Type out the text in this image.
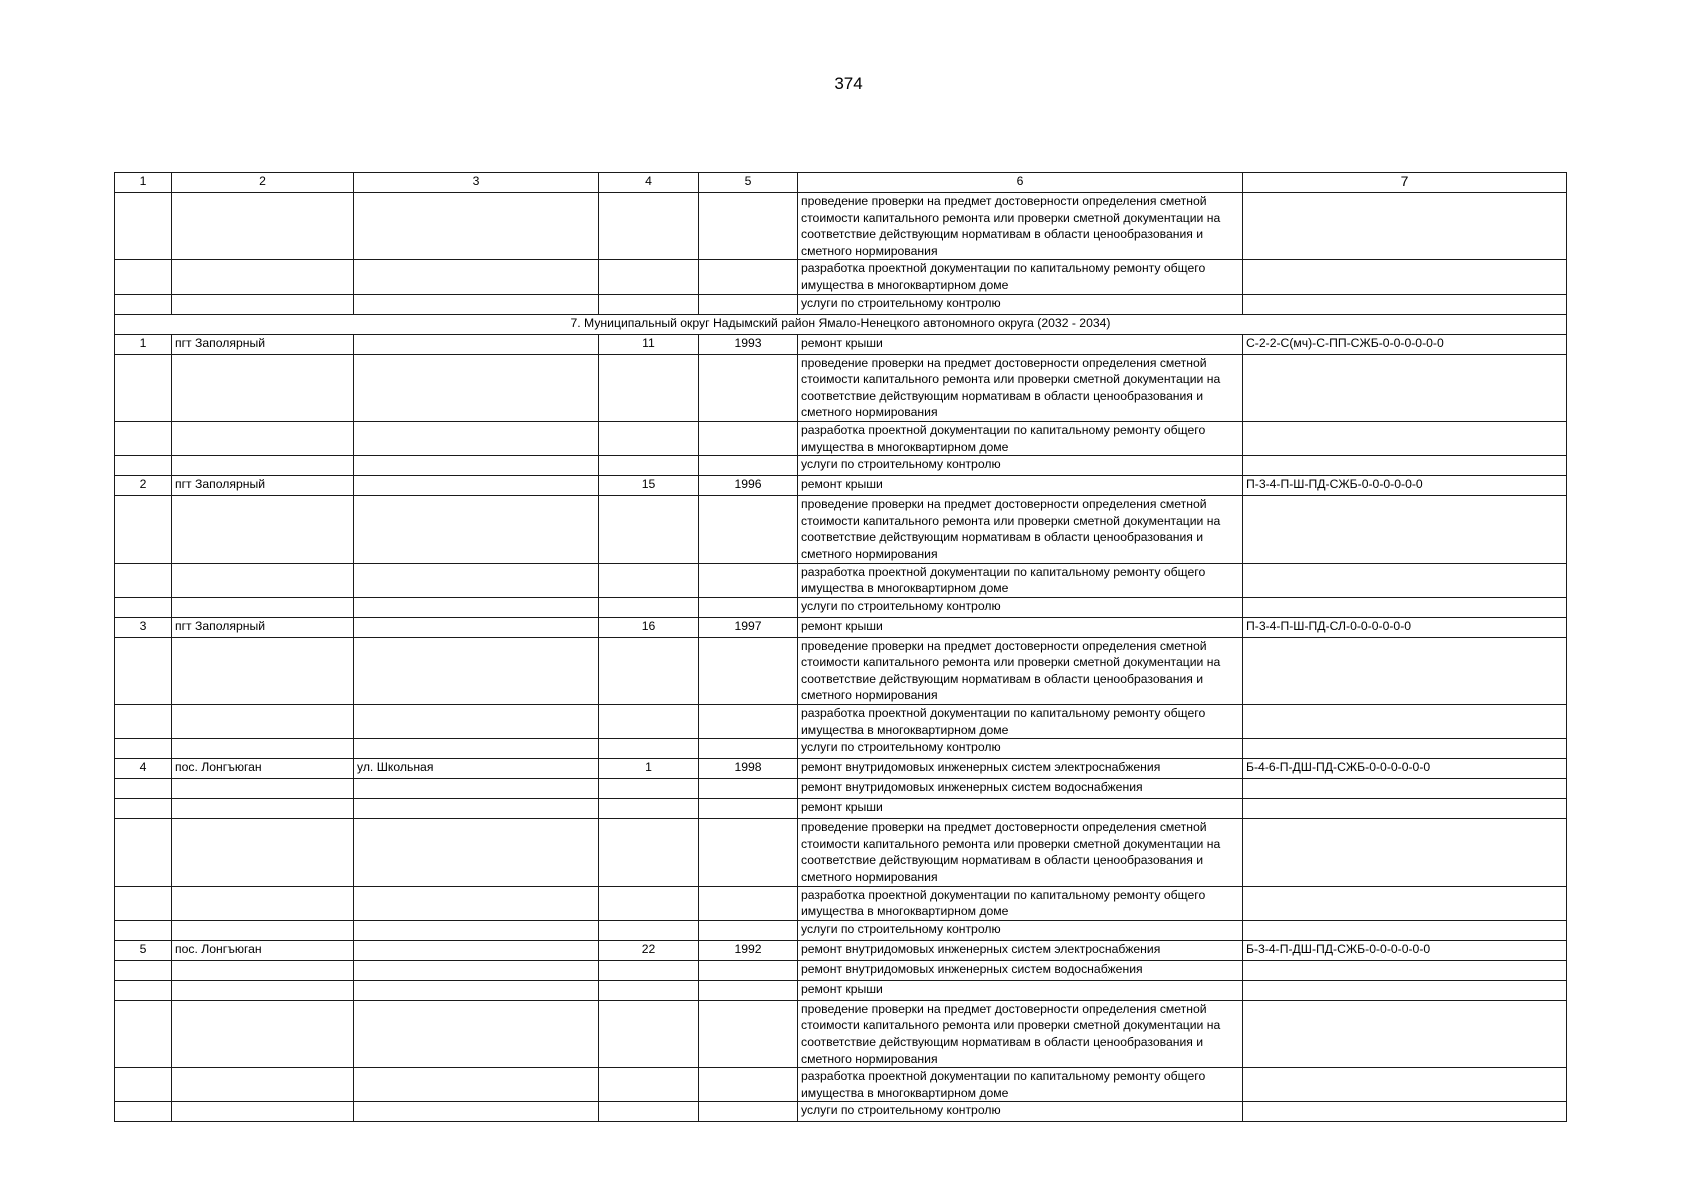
374
1	2	3	4	5	6	7
					проведение проверки на предмет достоверности определения сметной стоимости капитального ремонта или проверки сметной документации на соответствие действующим нормативам в области ценообразования и сметного нормирования	
					разработка проектной документации по капитальному ремонту общего имущества в многоквартирном доме	
					услуги по строительному контролю	
7. Муниципальный округ Надымский район Ямало-Ненецкого автономного округа (2032 - 2034)						
1	пгт Заполярный		11	1993	ремонт крыши	С-2-2-С(мч)-С-ПП-СЖБ-0-0-0-0-0-0
					проведение проверки на предмет достоверности определения сметной стоимости капитального ремонта или проверки сметной документации на соответствие действующим нормативам в области ценообразования и сметного нормирования	
					разработка проектной документации по капитальному ремонту общего имущества в многоквартирном доме	
					услуги по строительному контролю	
2	пгт Заполярный		15	1996	ремонт крыши	П-3-4-П-Ш-ПД-СЖБ-0-0-0-0-0-0
					проведение проверки на предмет достоверности определения сметной стоимости капитального ремонта или проверки сметной документации на соответствие действующим нормативам в области ценообразования и сметного нормирования	
					разработка проектной документации по капитальному ремонту общего имущества в многоквартирном доме	
					услуги по строительному контролю	
3	пгт Заполярный		16	1997	ремонт крыши	П-3-4-П-Ш-ПД-СЛ-0-0-0-0-0-0
					проведение проверки на предмет достоверности определения сметной стоимости капитального ремонта или проверки сметной документации на соответствие действующим нормативам в области ценообразования и сметного нормирования	
					разработка проектной документации по капитальному ремонту общего имущества в многоквартирном доме	
					услуги по строительному контролю	
4	пос. Лонгъюган	ул. Школьная	1	1998	ремонт внутридомовых инженерных систем электроснабжения	Б-4-6-П-ДШ-ПД-СЖБ-0-0-0-0-0-0
					ремонт внутридомовых инженерных систем водоснабжения	
					ремонт крыши	
					проведение проверки на предмет достоверности определения сметной стоимости капитального ремонта или проверки сметной документации на соответствие действующим нормативам в области ценообразования и сметного нормирования	
					разработка проектной документации по капитальному ремонту общего имущества в многоквартирном доме	
					услуги по строительному контролю	
5	пос. Лонгъюган		22	1992	ремонт внутридомовых инженерных систем электроснабжения	Б-3-4-П-ДШ-ПД-СЖБ-0-0-0-0-0-0
					ремонт внутридомовых инженерных систем водоснабжения	
					ремонт крыши	
					проведение проверки на предмет достоверности определения сметной стоимости капитального ремонта или проверки сметной документации на соответствие действующим нормативам в области ценообразования и сметного нормирования	
					разработка проектной документации по капитальному ремонту общего имущества в многоквартирном доме	
					услуги по строительному контролю	
